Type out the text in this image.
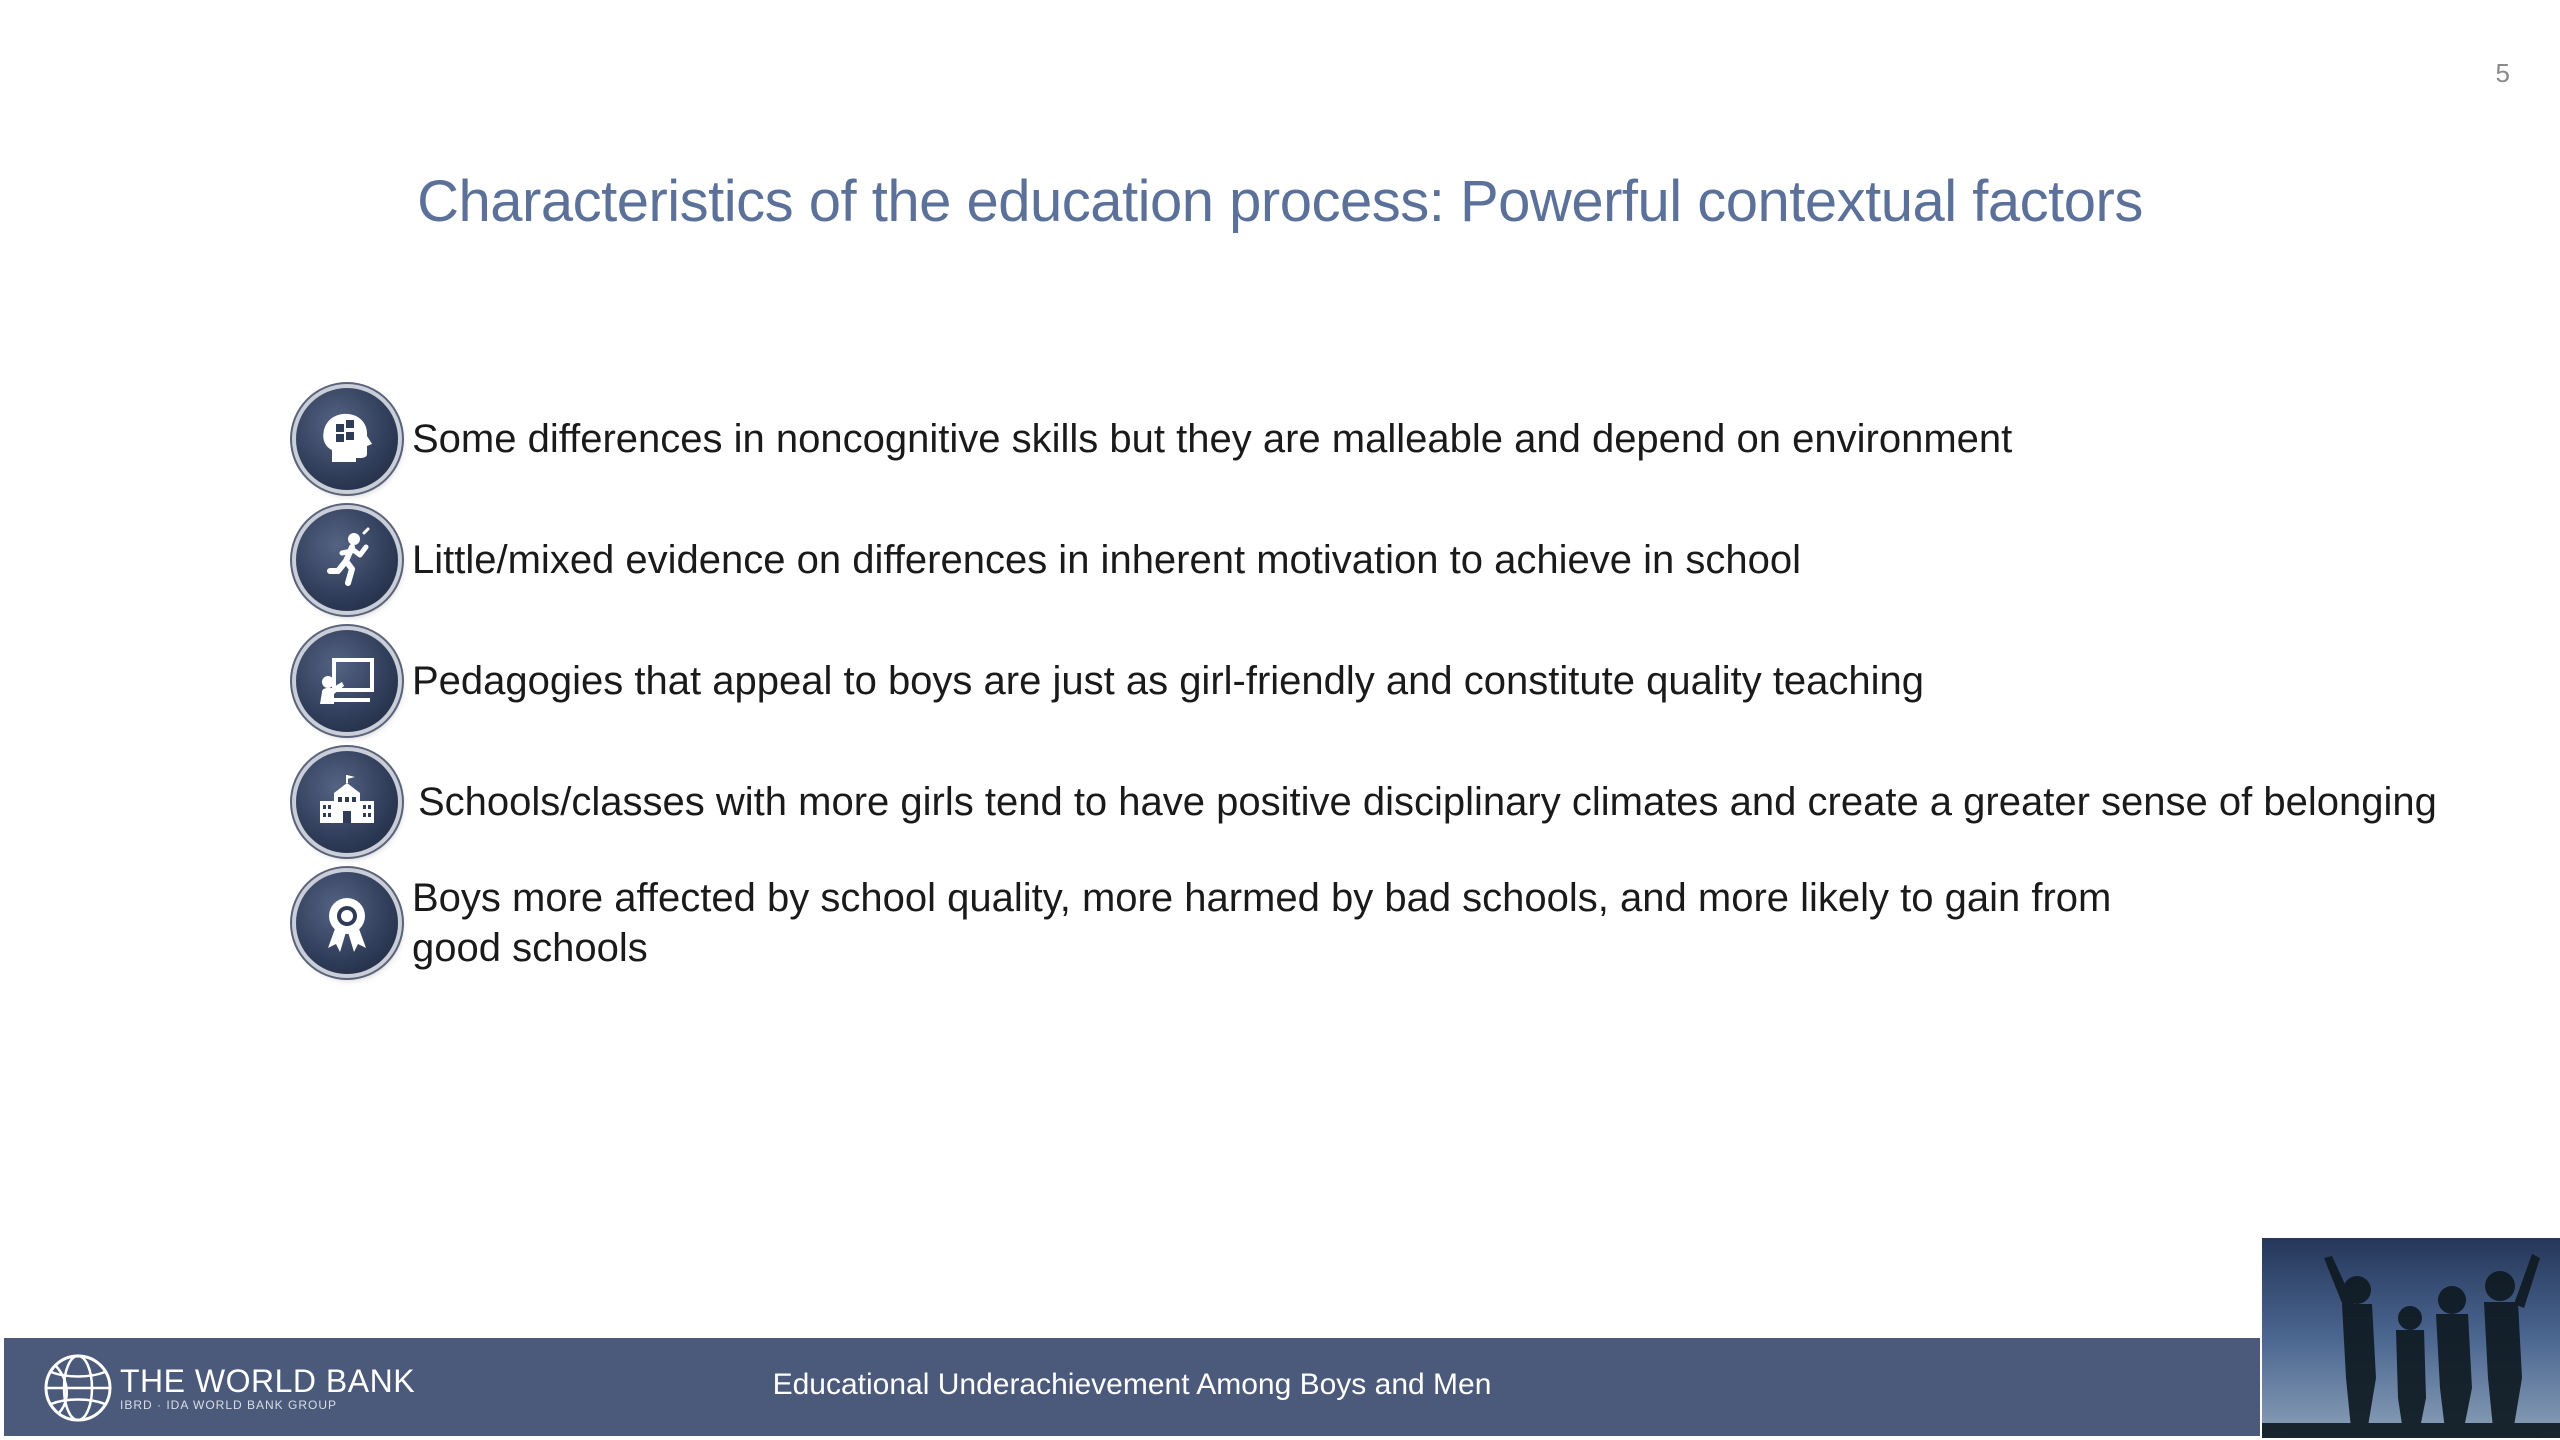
5
Characteristics of the education process: Powerful contextual factors
Some differences in noncognitive skills but they are malleable and depend on environment
Little/mixed evidence on differences in inherent motivation to achieve in school
Pedagogies that appeal to boys are just as girl-friendly and constitute quality teaching
Schools/classes with more girls tend to have positive disciplinary climates and create a greater sense of belonging
Boys more affected by school quality, more harmed by bad schools, and more likely to gain from good schools
THE WORLD BANK
IBRD · IDA WORLD BANK GROUP
Educational Underachievement Among Boys and Men
